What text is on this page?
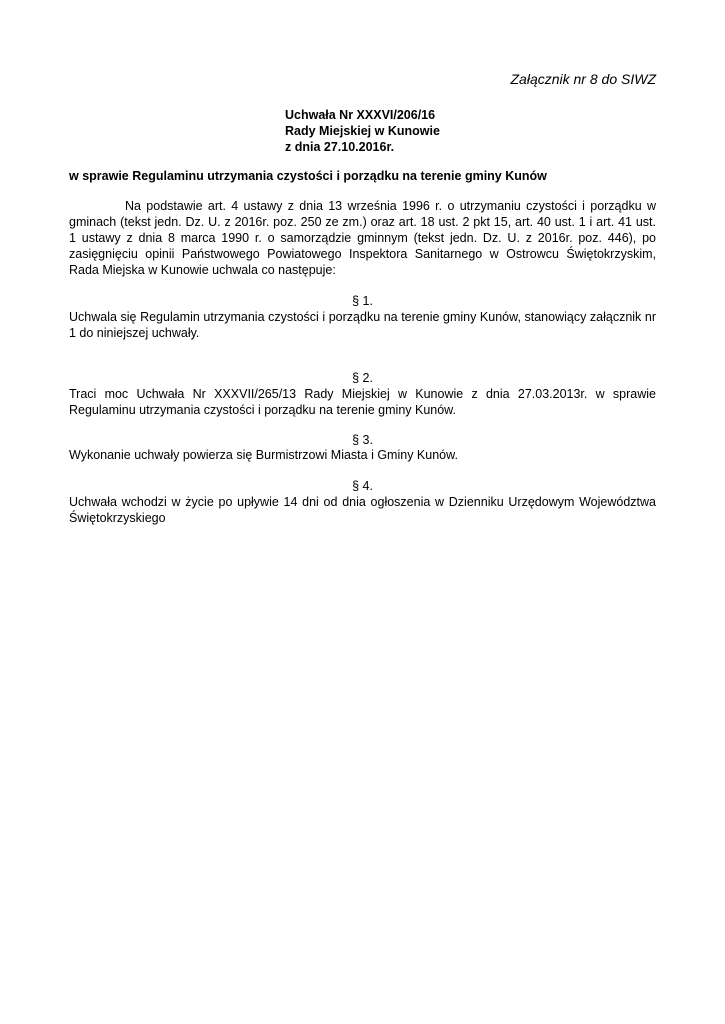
Załącznik nr 8 do SIWZ
Uchwała Nr XXXVI/206/16
Rady Miejskiej w Kunowie
z dnia 27.10.2016r.
w sprawie Regulaminu utrzymania czystości i porządku na terenie gminy Kunów
Na podstawie art. 4 ustawy z dnia 13 września 1996 r. o utrzymaniu czystości i porządku w gminach (tekst jedn. Dz. U. z 2016r. poz. 250 ze zm.) oraz art. 18 ust. 2 pkt 15, art. 40 ust. 1 i art. 41 ust. 1 ustawy z dnia 8 marca 1990 r. o samorządzie gminnym (tekst jedn. Dz. U. z 2016r. poz. 446), po zasięgnięciu opinii Państwowego Powiatowego Inspektora Sanitarnego w Ostrowcu Świętokrzyskim, Rada Miejska w Kunowie uchwala co następuje:
§ 1.
Uchwala się Regulamin utrzymania czystości i porządku na terenie gminy Kunów, stanowiący załącznik nr 1 do niniejszej uchwały.
§ 2.
Traci moc Uchwała Nr XXXVII/265/13 Rady Miejskiej w Kunowie z dnia 27.03.2013r. w sprawie Regulaminu utrzymania czystości i porządku na terenie gminy Kunów.
§ 3.
Wykonanie uchwały powierza się Burmistrzowi Miasta i Gminy Kunów.
§ 4.
Uchwała wchodzi w życie po upływie 14 dni od dnia ogłoszenia w Dzienniku Urzędowym Województwa Świętokrzyskiego
